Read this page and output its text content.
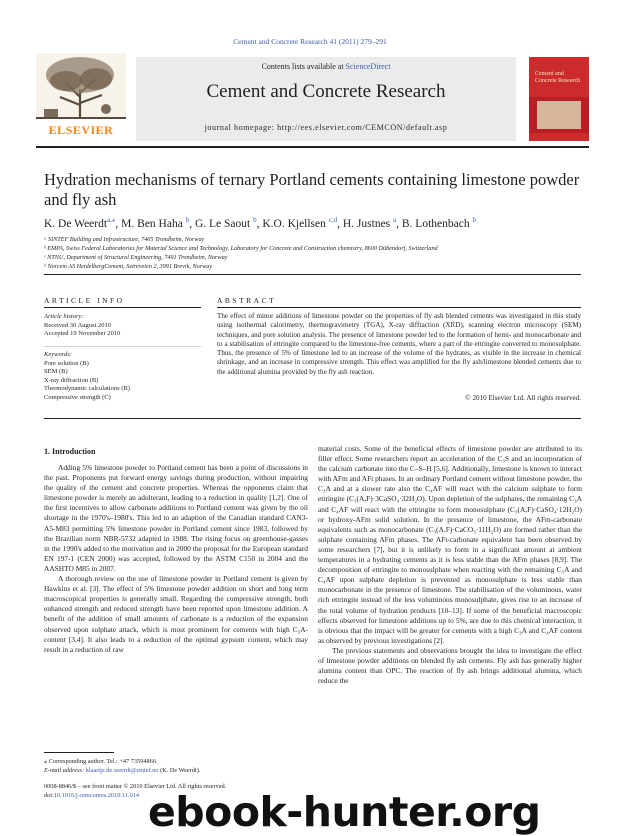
Cement and Concrete Research 41 (2011) 279–291
ELSEVIER
Contents lists available at ScienceDirect
Cement and Concrete Research
journal homepage: http://ees.elsevier.com/CEMCON/default.asp
Cement and Concrete Research
Hydration mechanisms of ternary Portland cements containing limestone powder and fly ash
K. De Weerdt$^{a,⁎}$, M. Ben Haha $^b$, G. Le Saout $^b$, K.O. Kjellsen $^{c,d}$, H. Justnes $^a$, B. Lothenbach $^b$
ᵃ SINTEF Building and Infrastructure, 7465 Trondheim, Norway
ᵇ EMPA, Swiss Federal Laboratories for Material Science and Technology, Laboratory for Concrete and Construction chemistry, 8600 Dübendorf, Switzerland
ᶜ NTNU, Department of Structural Engineering, 7491 Trondheim, Norway
ᵈ Norcem AS HeidelbergCement, Setreveien 2, 3991 Brevik, Norway
ARTICLE INFO	ABSTRACT
Article history:
Received 30 August 2010
Accepted 19 November 2010
Keywords:
Pore solution (B)
SEM (B)
X-ray diffraction (B)
Thermodynamic calculations (B)
Compressive strength (C)
The effect of minor additions of limestone powder on the properties of fly ash blended cements was investigated in this study using isothermal calorimetry, thermogravimetry (TGA), X-ray diffraction (XRD), scanning electron microscopy (SEM) techniques, and pore solution analysis. The presence of limestone powder led to the formation of hemi- and monocarbonate and to a stabilisation of ettringite compared to the limestone-free cements, where a part of the ettringite converted to monosulphate. Thus, the presence of 5% of limestone led to an increase of the volume of the hydrates, as visible in the increase in chemical shrinkage, and an increase in compressive strength. This effect was amplified for the fly ash/limestone blended cements due to the additional alumina provided by the fly ash reaction.
© 2010 Elsevier Ltd. All rights reserved.
1. Introduction

Adding 5% limestone powder to Portland cement has been a point of discussions in the past. Proponents put forward energy savings during production, without impairing the quality of the cement and concrete properties. Whereas the opponents claim that limestone powder is merely an adulterant, leading to a reduction in quality [1,2]. One of the first incentives to allow carbonate additions to Portland cement was given by the oil shortage in the 1970's–1980's. This led to an adaption of the Canadian standard CAN3-A5-M83 permitting 5% limestone powder in Portland cement since 1983, followed by the Brazilian norm NBR-5732 adapted in 1988. The rising focus on greenhouse-gasses in the 1990's added to the motivation and in 2000 the proposal for the European standard EN 197-1 (CEN 2000) was accepted, followed by the ASTM C150 in 2004 and the AASHTO M85 in 2007.

A thorough review on the use of limestone powder in Portland cement is given by Hawkins et al. [3]. The effect of 5% limestone powder addition on short and long term macroscopical properties is generally small. Regarding the compressive strength, both enhanced strength and reduced strength have been reported upon limestone addition. A benefit of the addition of small amounts of carbonate is a reduction of the expansion observed upon sulphate attack, which is most prominent for cements with high C₃A-content [3,4]. It also leads to a reduction of the optimal gypsum content, which may result in a reduction of raw

material costs. Some of the beneficial effects of limestone powder are attributed to its filler effect. Some researchers report an acceleration of the C₃S and an incorporation of the calcium carbonate into the C–S–H [5,6]. Additionally, limestone is known to interact with AFm and AFt phases. In an ordinary Portland cement without limestone powder, the C₃A and at a slower rate also the C₄AF will react with the calcium sulphate to form ettringite (C₃(A,F)·3CaSO₄·32H₂O). Upon depletion of the sulphates, the remaining C₃A and C₄AF will react with the ettringite to form monosulphate (C₃(A,F)·CaSO₄·12H₂O) or hydroxy-AFm solid solution. In the presence of limestone, the AFm-carbonate equivalents such as monocarbonate (C₃(A,F)·CaCO₃·11H₂O) are formed rather than the sulphate containing AFm phases. The AFt-carbonate equivalent has been observed by some researchers [7], but it is unlikely to form in a significant amount at ambient temperatures in a hydrating cements as it is less stable than the AFm phases [8,9]. The decomposition of ettringite to monosulphate when reacting with the remaining C₃A and C₄AF upon sulphate depletion is prevented as monosulphate is less stable than monocarbonate in the presence of limestone. The stabilisation of the voluminous, water rich ettringite instead of the less voluminous monosulphate, gives rise to an increase of the total volume of hydration products [10–13]. If some of the beneficial macroscopic effects observed for limestone additions up to 5%, are due to this chemical interaction, it is obvious that the impact will be greater for cements with a high C₃A and C₄AF content as observed by previous investigations [2].

The previous statements and observations brought the idea to investigate the effect of limestone powder additions on blended fly ash cements. Fly ash has generally higher alumina content than OPC. The reaction of fly ash brings additional alumina, which reduce the

⁎ Corresponding author. Tel.: +47 73594866.
E-mail address: klaartje.de.weerdt@sintef.no (K. De Weerdt).
0008-8846/$ – see front matter © 2010 Elsevier Ltd. All rights reserved.
doi:10.1016/j.cemconres.2010.11.014 ebook-hunter.org
